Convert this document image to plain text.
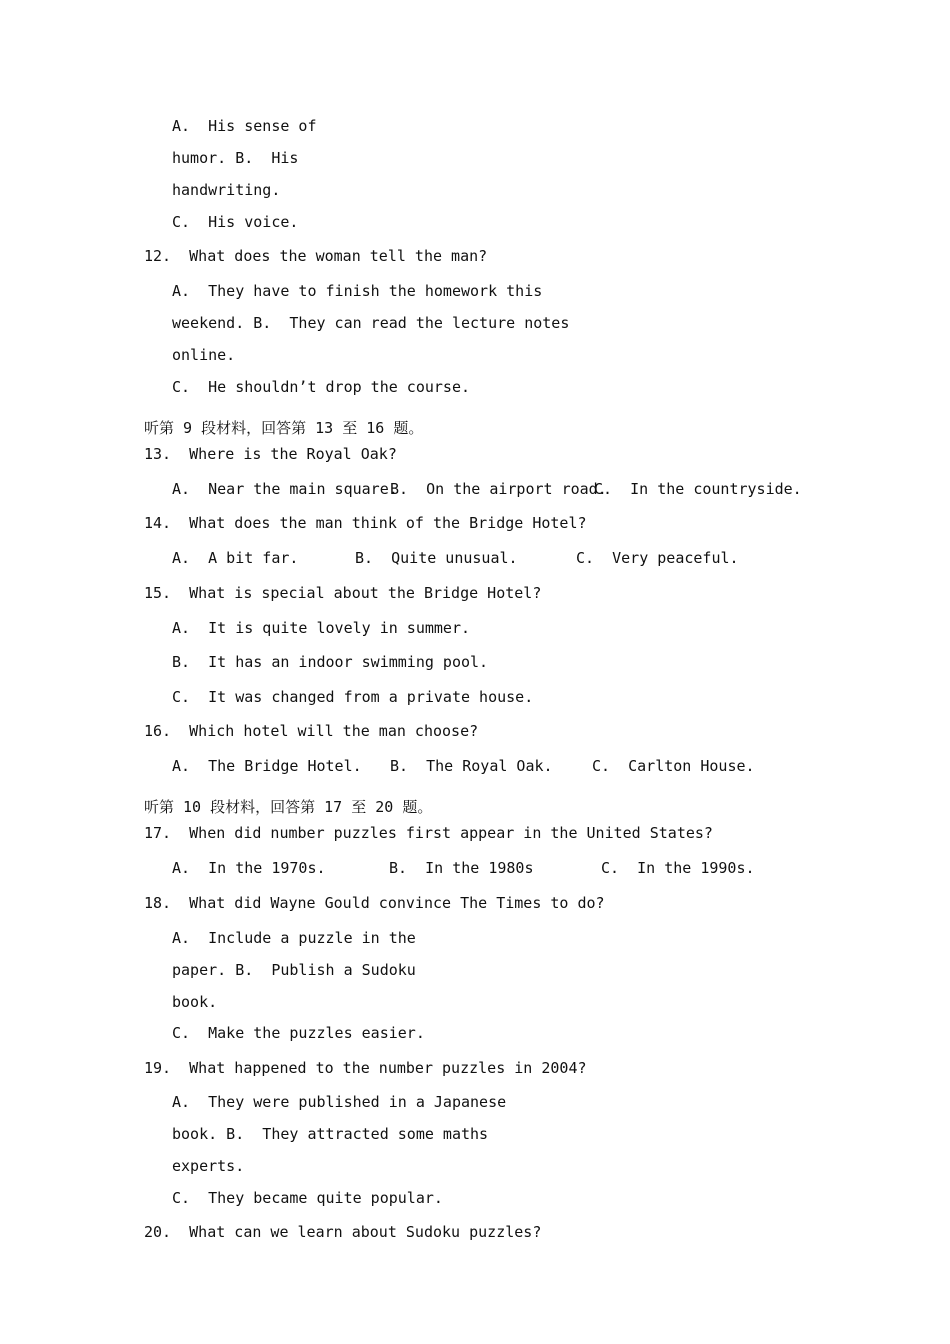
A.  His sense of
humor. B.  His
handwriting.
C.  His voice.
12.  What does the woman tell the man?
A.  They have to finish the homework this
weekend. B.  They can read the lecture notes
online.
C.  He shouldn’t drop the course.
听第 9 段材料，回答第 13 至 16 题。
13.  Where is the Royal Oak?
A.  Near the main square.
B.  On the airport road.
C.  In the countryside.
14.  What does the man think of the Bridge Hotel?
A.  A bit far.	B.  Quite unusual.	C.  Very peaceful.
15.  What is special about the Bridge Hotel?
A.  It is quite lovely in summer.
B.  It has an indoor swimming pool.
C.  It was changed from a private house.
16.  Which hotel will the man choose?
A.  The Bridge Hotel. B.  The Royal Oak.	C.  Carlton House.
听第 10 段材料，回答第 17 至 20 题。
17.  When did number puzzles first appear in the United States?
A.  In the 1970s.	B.  In the 1980s	C.  In the 1990s.
18.  What did Wayne Gould convince The Times to do?
A.  Include a puzzle in the
paper. B.  Publish a Sudoku
book.
C.  Make the puzzles easier.
19.  What happened to the number puzzles in 2004?
A.  They were published in a Japanese
book. B.  They attracted some maths
experts.
C.  They became quite popular.
20.  What can we learn about Sudoku puzzles?
